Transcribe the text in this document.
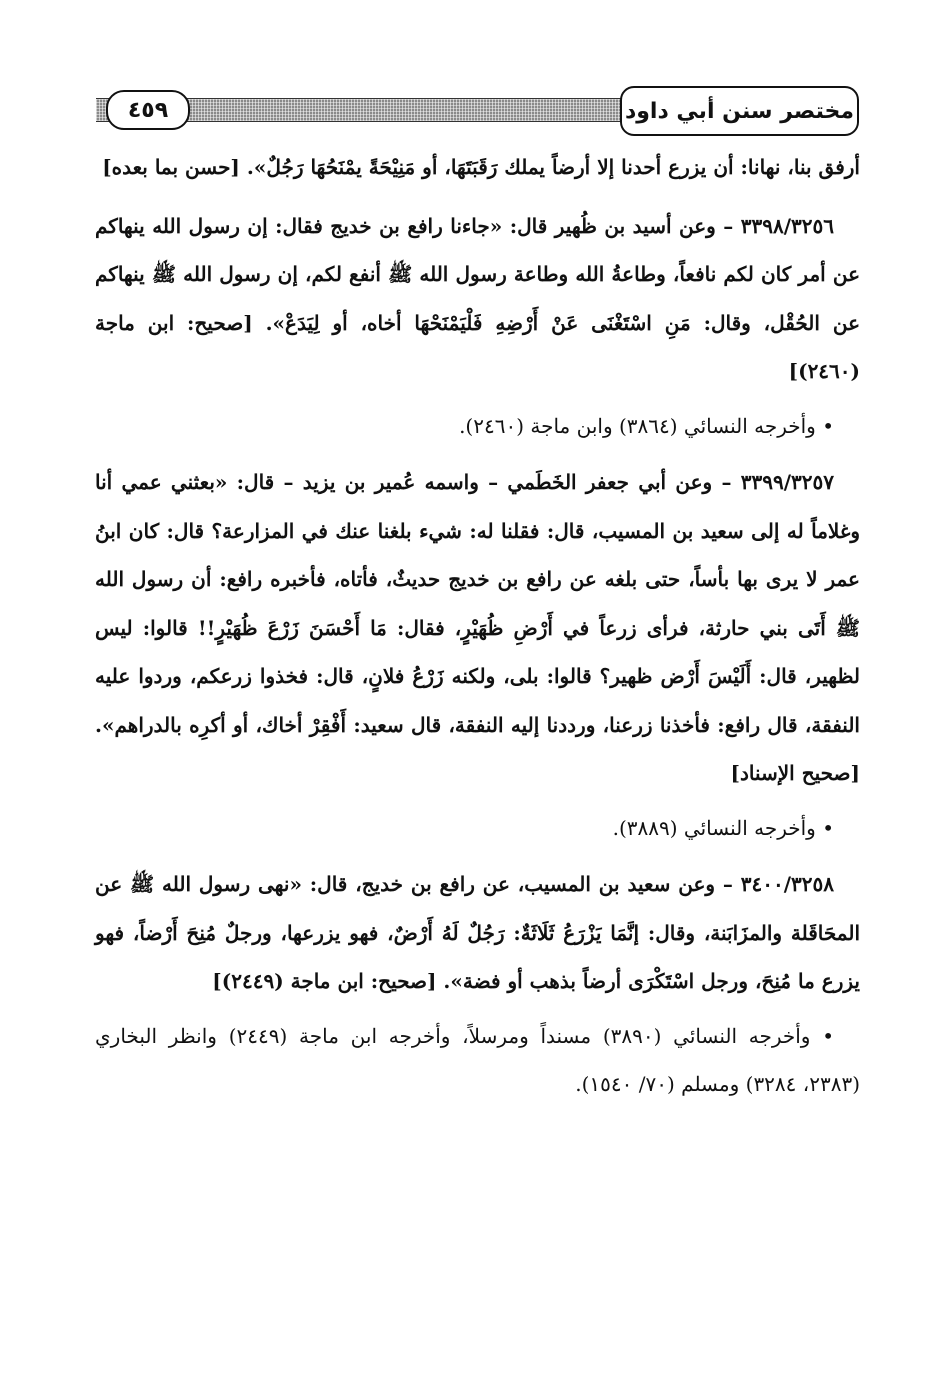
٤٥٩	مختصر سنن أبي داود

أرفق بنا، نهانا: أن يزرع أحدنا إلا أرضاً يملك رَقَبَتَهَا، أو مَنِيْحَةً يمْنَحُهَا رَجُلٌ». [حسن بما بعده]

٣٣٩٨/٣٢٥٦ – وعن أسيد بن ظُهير قال: «جاءنا رافع بن خديج فقال: إن رسول الله ينهاكم عن أمر كان لكم نافعاً، وطاعةُ الله وطاعة رسول الله ﷺ أنفع لكم، إن رسول الله ﷺ ينهاكم عن الحُقْل، وقال: مَنِ اسْتَغْنَى عَنْ أَرْضِهِ فَلْيَمْنَحْهَا أخاه، أو لِيَدَعْ». [صحيح: ابن ماجة (٢٤٦٠)]

• وأخرجه النسائي (٣٨٦٤) وابن ماجة (٢٤٦٠).

٣٣٩٩/٣٢٥٧ – وعن أبي جعفر الخَطَمي – واسمه عُمير بن يزيد – قال: «بعثني عمي أنا وغلاماً له إلى سعيد بن المسيب، قال: فقلنا له: شيء بلغنا عنك في المزارعة؟ قال: كان ابنُ عمر لا يرى بها بأساً، حتى بلغه عن رافع بن خديج حديثٌ، فأتاه، فأخبره رافع: أن رسول الله ﷺ أَتَى بني حارثة، فرأى زرعاً في أَرْضِ ظُهَيْرٍ، فقال: مَا أَحْسَنَ زَرْعَ ظُهَيْرٍ!! قالوا: ليس لظهير، قال: أَلَيْسَ أَرْض ظهير؟ قالوا: بلى، ولكنه زَرْعُ فلانٍ، قال: فخذوا زرعكم، وردوا عليه النفقة، قال رافع: فأخذنا زرعنا، ورددنا إليه النفقة، قال سعيد: أَفْقِرْ أخاك، أو أكرِه بالدراهم». [صحيح الإسناد]

• وأخرجه النسائي (٣٨٨٩).

٣٤٠٠/٣٢٥٨ – وعن سعيد بن المسيب، عن رافع بن خديج، قال: «نهى رسول الله ﷺ عن المحَاقَلة والمزَابَنة، وقال: إنَّمَا يَزْرَعُ ثَلَاثَةٌ: رَجُلٌ لَهُ أَرْضٌ، فهو يزرعها، ورجلٌ مُنِحَ أَرْضاً، فهو يزرع ما مُنِحَ، ورجل اسْتَكْرَى أرضاً بذهب أو فضة». [صحيح: ابن ماجة (٢٤٤٩)]

• وأخرجه النسائي (٣٨٩٠) مسنداً ومرسلاً، وأخرجه ابن ماجة (٢٤٤٩) وانظر البخاري (٢٣٨٣، ٣٢٨٤) ومسلم (٧٠/ ١٥٤٠).
